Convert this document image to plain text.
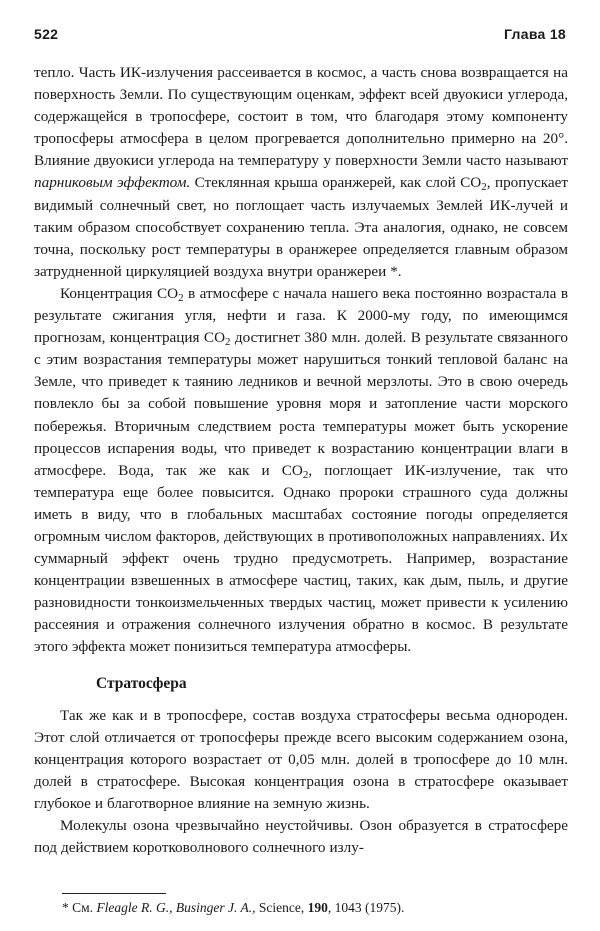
522	Глава 18

тепло. Часть ИК-излучения рассеивается в космос, а часть снова возвращается на поверхность Земли. По существующим оценкам, эффект всей двуокиси углерода, содержащейся в тропосфере, состоит в том, что благодаря этому компоненту тропосферы атмосфера в целом прогревается дополнительно примерно на 20°. Влияние двуокиси углерода на температуру у поверхности Земли часто называют парниковым эффектом. Стеклянная крыша оранжерей, как слой $CO_2$, пропускает видимый солнечный свет, но поглощает часть излучаемых Землей ИК-лучей и таким образом способствует сохранению тепла. Эта аналогия, однако, не совсем точна, поскольку рост температуры в оранжерее определяется главным образом затрудненной циркуляцией воздуха внутри оранжереи *.

Концентрация $CO_2$ в атмосфере с начала нашего века постоянно возрастала в результате сжигания угля, нефти и газа. К 2000-му году, по имеющимся прогнозам, концентрация $CO_2$ достигнет 380 млн. долей. В результате связанного с этим возрастания температуры может нарушиться тонкий тепловой баланс на Земле, что приведет к таянию ледников и вечной мерзлоты. Это в свою очередь повлекло бы за собой повышение уровня моря и затопление части морского побережья. Вторичным следствием роста температуры может быть ускорение процессов испарения воды, что приведет к возрастанию концентрации влаги в атмосфере. Вода, так же как и $CO_2$, поглощает ИК-излучение, так что температура еще более повысится. Однако пророки страшного суда должны иметь в виду, что в глобальных масштабах состояние погоды определяется огромным числом факторов, действующих в противоположных направлениях. Их суммарный эффект очень трудно предусмотреть. Например, возрастание концентрации взвешенных в атмосфере частиц, таких, как дым, пыль, и другие разновидности тонкоизмельченных твердых частиц, может привести к усилению рассеяния и отражения солнечного излучения обратно в космос. В результате этого эффекта может понизиться температура атмосферы.

Стратосфера

Так же как и в тропосфере, состав воздуха стратосферы весьма однороден. Этот слой отличается от тропосферы прежде всего высоким содержанием озона, концентрация которого возрастает от 0,05 млн. долей в тропосфере до 10 млн. долей в стратосфере. Высокая концентрация озона в стратосфере оказывает глубокое и благотворное влияние на земную жизнь.

Молекулы озона чрезвычайно неустойчивы. Озон образуется в стратосфере под действием коротковолнового солнечного излу-

* См. Fleagle R. G., Businger J. A., Science, 190, 1043 (1975).
